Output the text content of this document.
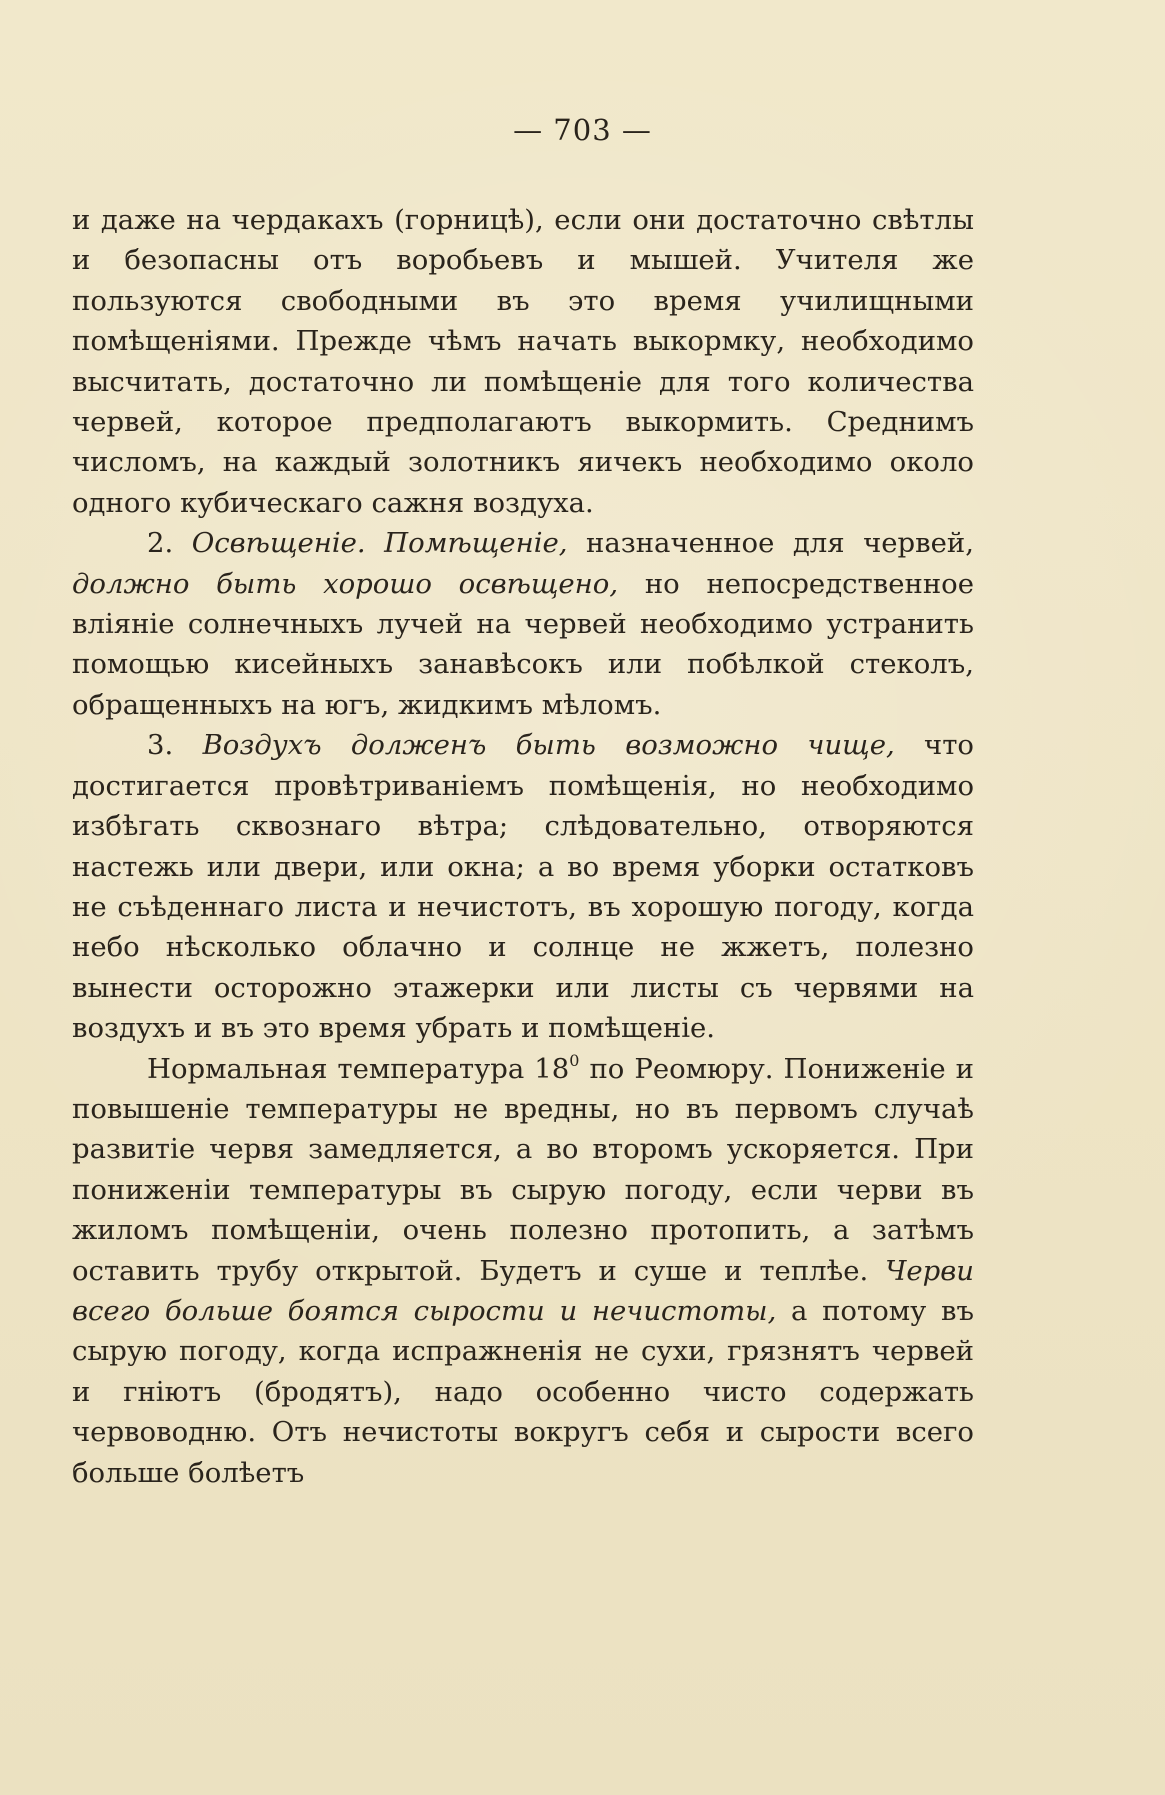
— 703 —

и даже на чердакахъ (горницѣ), если они достаточно свѣтлы и безопасны отъ воробьевъ и мышей. Учителя же пользуются свободными въ это время училищными помѣщеніями. Прежде чѣмъ начать выкормку, необходимо высчитать, достаточно ли помѣщеніе для того количества червей, которое предполагаютъ выкормить. Среднимъ числомъ, на каждый золотникъ яичекъ необходимо около одного кубическаго сажня воздуха.

2. Освѣщеніе. Помѣщеніе, назначенное для червей, должно быть хорошо освѣщено, но непосредственное вліяніе солнечныхъ лучей на червей необходимо устранить помощью кисейныхъ занавѣсокъ или побѣлкой стеколъ, обращенныхъ на югъ, жидкимъ мѣломъ.

3. Воздухъ долженъ быть возможно чище, что достигается провѣтриваніемъ помѣщенія, но необходимо избѣгать сквознаго вѣтра; слѣдовательно, отворяются настежь или двери, или окна; а во время уборки остатковъ не съѣденнаго листа и нечистотъ, въ хорошую погоду, когда небо нѣсколько облачно и солнце не жжетъ, полезно вынести осторожно этажерки или листы съ червями на воздухъ и въ это время убрать и помѣщеніе.

Нормальная температура $18^0$ по Реомюру. Пониженіе и повышеніе температуры не вредны, но въ первомъ случаѣ развитіе червя замедляется, а во второмъ ускоряется. При пониженіи температуры въ сырую погоду, если черви въ жиломъ помѣщеніи, очень полезно протопить, а затѣмъ оставить трубу открытой. Будетъ и суше и теплѣе. Черви всего больше боятся сырости и нечистоты, а потому въ сырую погоду, когда испражненія не сухи, грязнятъ червей и гніютъ (бродятъ), надо особенно чисто содержать червоводню. Отъ нечистоты вокругъ себя и сырости всего больше болѣетъ
